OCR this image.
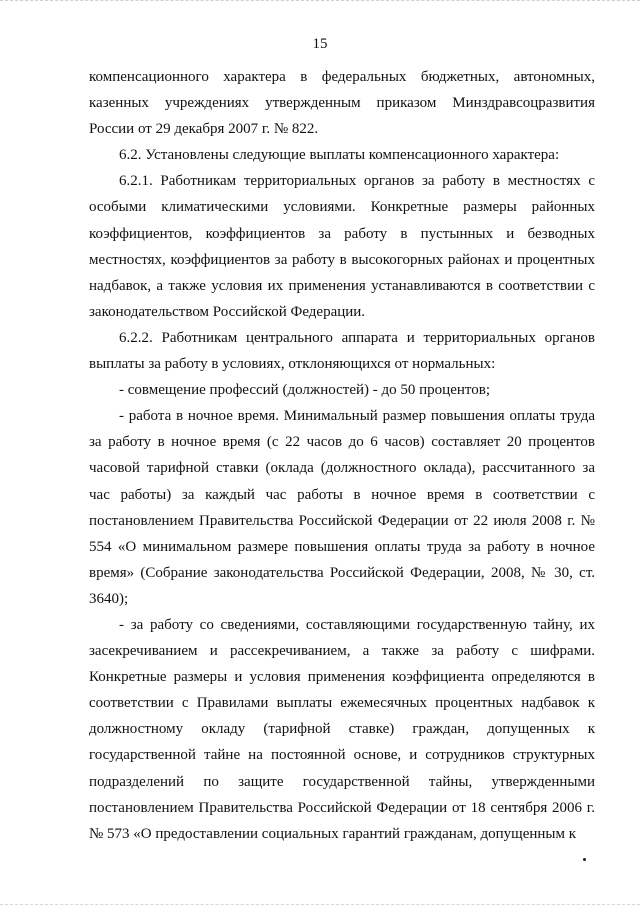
15

компенсационного характера в федеральных бюджетных, автономных, казенных учреждениях утвержденным приказом Минздравсоцразвития России от 29 декабря 2007 г. № 822.

6.2. Установлены следующие выплаты компенсационного характера:

6.2.1. Работникам территориальных органов за работу в местностях с особыми климатическими условиями. Конкретные размеры районных коэффициентов, коэффициентов за работу в пустынных и безводных местностях, коэффициентов за работу в высокогорных районах и процентных надбавок, а также условия их применения устанавливаются в соответствии с законодательством Российской Федерации.

6.2.2. Работникам центрального аппарата и территориальных органов выплаты за работу в условиях, отклоняющихся от нормальных:

- совмещение профессий (должностей) - до 50 процентов;

- работа в ночное время. Минимальный размер повышения оплаты труда за работу в ночное время (с 22 часов до 6 часов) составляет 20 процентов часовой тарифной ставки (оклада (должностного оклада), рассчитанного за час работы) за каждый час работы в ночное время в соответствии с постановлением Правительства Российской Федерации от 22 июля 2008 г. № 554 «О минимальном размере повышения оплаты труда за работу в ночное время» (Собрание законодательства Российской Федерации, 2008, № 30, ст. 3640);

- за работу со сведениями, составляющими государственную тайну, их засекречиванием и рассекречиванием, а также за работу с шифрами. Конкретные размеры и условия применения коэффициента определяются в соответствии с Правилами выплаты ежемесячных процентных надбавок к должностному окладу (тарифной ставке) граждан, допущенных к государственной тайне на постоянной основе, и сотрудников структурных подразделений по защите государственной тайны, утвержденными постановлением Правительства Российской Федерации от 18 сентября 2006 г. № 573 «О предоставлении социальных гарантий гражданам, допущенным к
